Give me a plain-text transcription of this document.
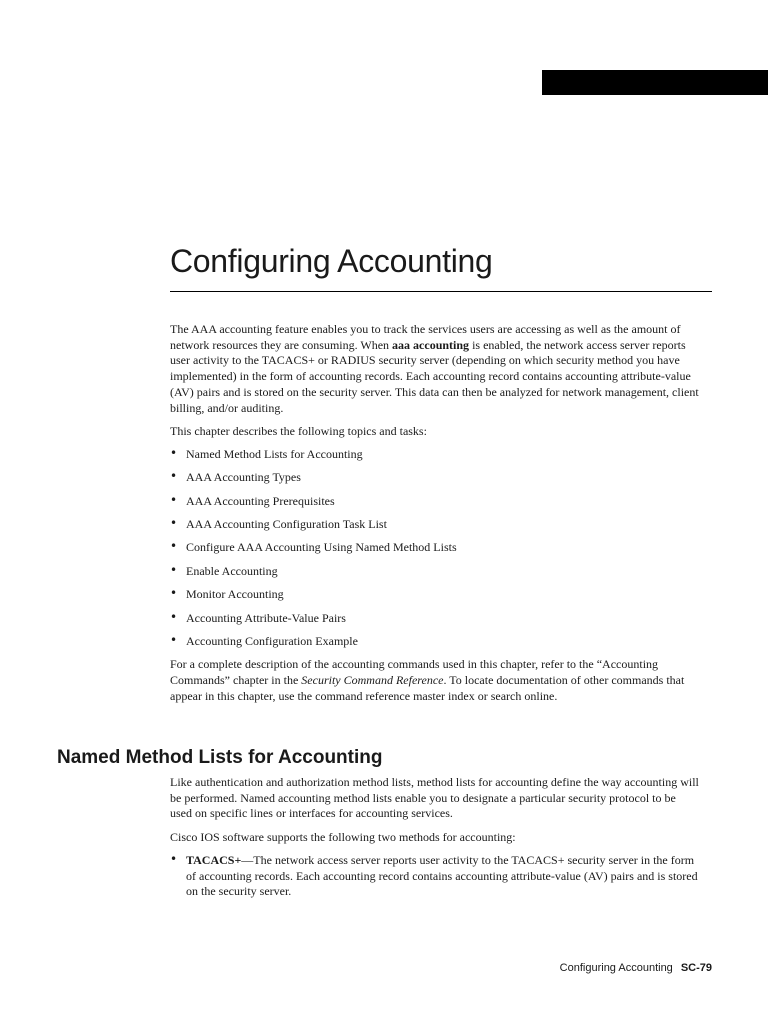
Configuring Accounting

The AAA accounting feature enables you to track the services users are accessing as well as the amount of network resources they are consuming. When aaa accounting is enabled, the network access server reports user activity to the TACACS+ or RADIUS security server (depending on which security method you have implemented) in the form of accounting records. Each accounting record contains accounting attribute-value (AV) pairs and is stored on the security server. This data can then be analyzed for network management, client billing, and/or auditing.

This chapter describes the following topics and tasks:

• Named Method Lists for Accounting
• AAA Accounting Types
• AAA Accounting Prerequisites
• AAA Accounting Configuration Task List
• Configure AAA Accounting Using Named Method Lists
• Enable Accounting
• Monitor Accounting
• Accounting Attribute-Value Pairs
• Accounting Configuration Example

For a complete description of the accounting commands used in this chapter, refer to the “Accounting Commands” chapter in the Security Command Reference. To locate documentation of other commands that appear in this chapter, use the command reference master index or search online.

Named Method Lists for Accounting

Like authentication and authorization method lists, method lists for accounting define the way accounting will be performed. Named accounting method lists enable you to designate a particular security protocol to be used on specific lines or interfaces for accounting services.

Cisco IOS software supports the following two methods for accounting:

• TACACS+—The network access server reports user activity to the TACACS+ security server in the form of accounting records. Each accounting record contains accounting attribute-value (AV) pairs and is stored on the security server.

Configuring Accounting SC-79
